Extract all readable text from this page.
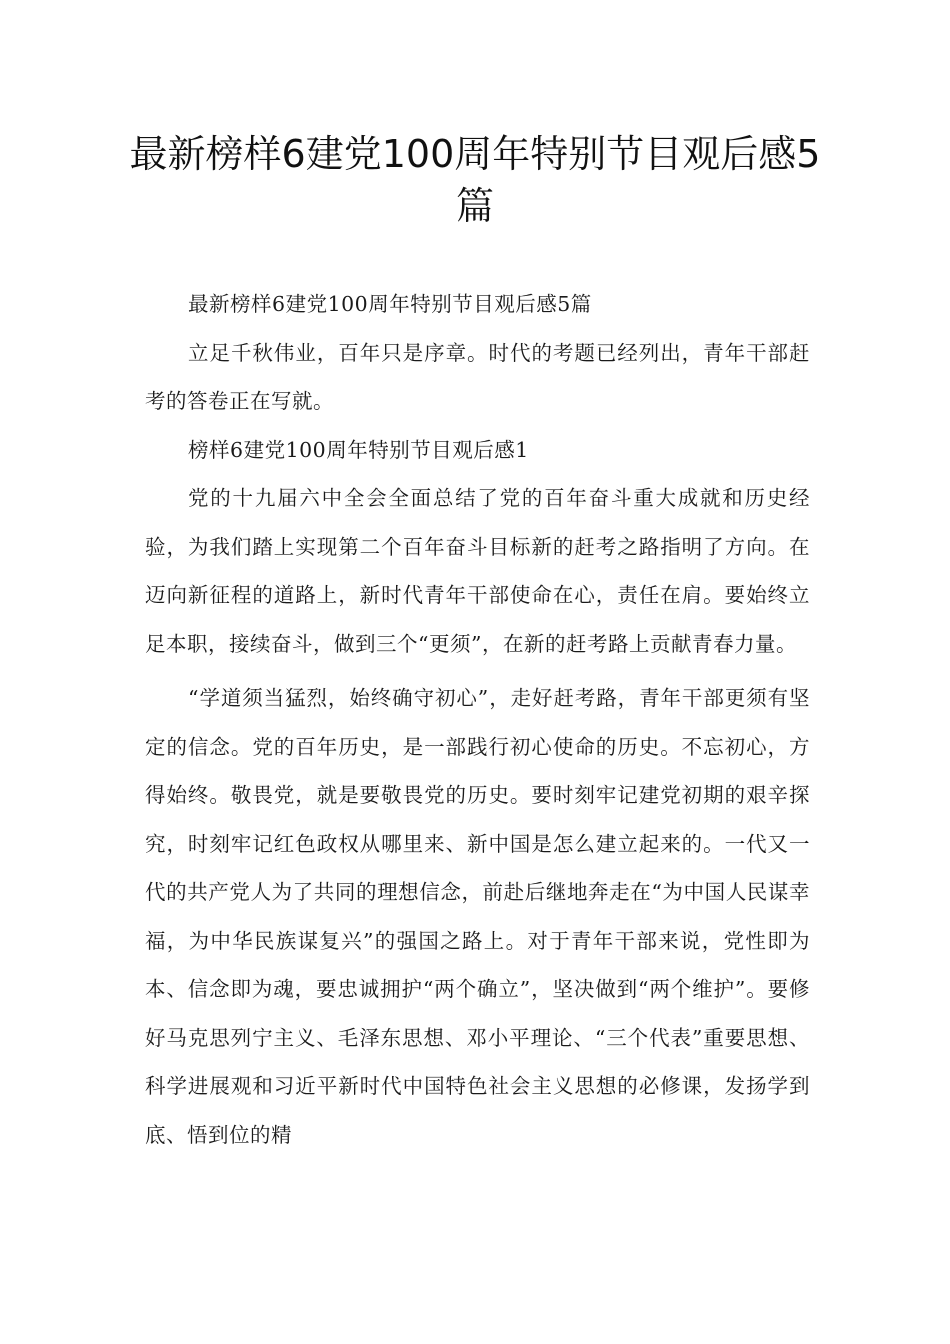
最新榜样6建党100周年特别节目观后感5篇

最新榜样6建党100周年特别节目观后感5篇

立足千秋伟业，百年只是序章。时代的考题已经列出，青年干部赶考的答卷正在写就。

榜样6建党100周年特别节目观后感1

党的十九届六中全会全面总结了党的百年奋斗重大成就和历史经验，为我们踏上实现第二个百年奋斗目标新的赶考之路指明了方向。在迈向新征程的道路上，新时代青年干部使命在心，责任在肩。要始终立足本职，接续奋斗，做到三个“更须”，在新的赶考路上贡献青春力量。

“学道须当猛烈，始终确守初心”，走好赶考路，青年干部更须有坚定的信念。党的百年历史，是一部践行初心使命的历史。不忘初心，方得始终。敬畏党，就是要敬畏党的历史。要时刻牢记建党初期的艰辛探究，时刻牢记红色政权从哪里来、新中国是怎么建立起来的。一代又一代的共产党人为了共同的理想信念，前赴后继地奔走在“为中国人民谋幸福，为中华民族谋复兴”的强国之路上。对于青年干部来说，党性即为本、信念即为魂，要忠诚拥护“两个确立”，坚决做到“两个维护”。要修好马克思列宁主义、毛泽东思想、邓小平理论、“三个代表”重要思想、科学进展观和习近平新时代中国特色社会主义思想的必修课，发扬学到底、悟到位的精
